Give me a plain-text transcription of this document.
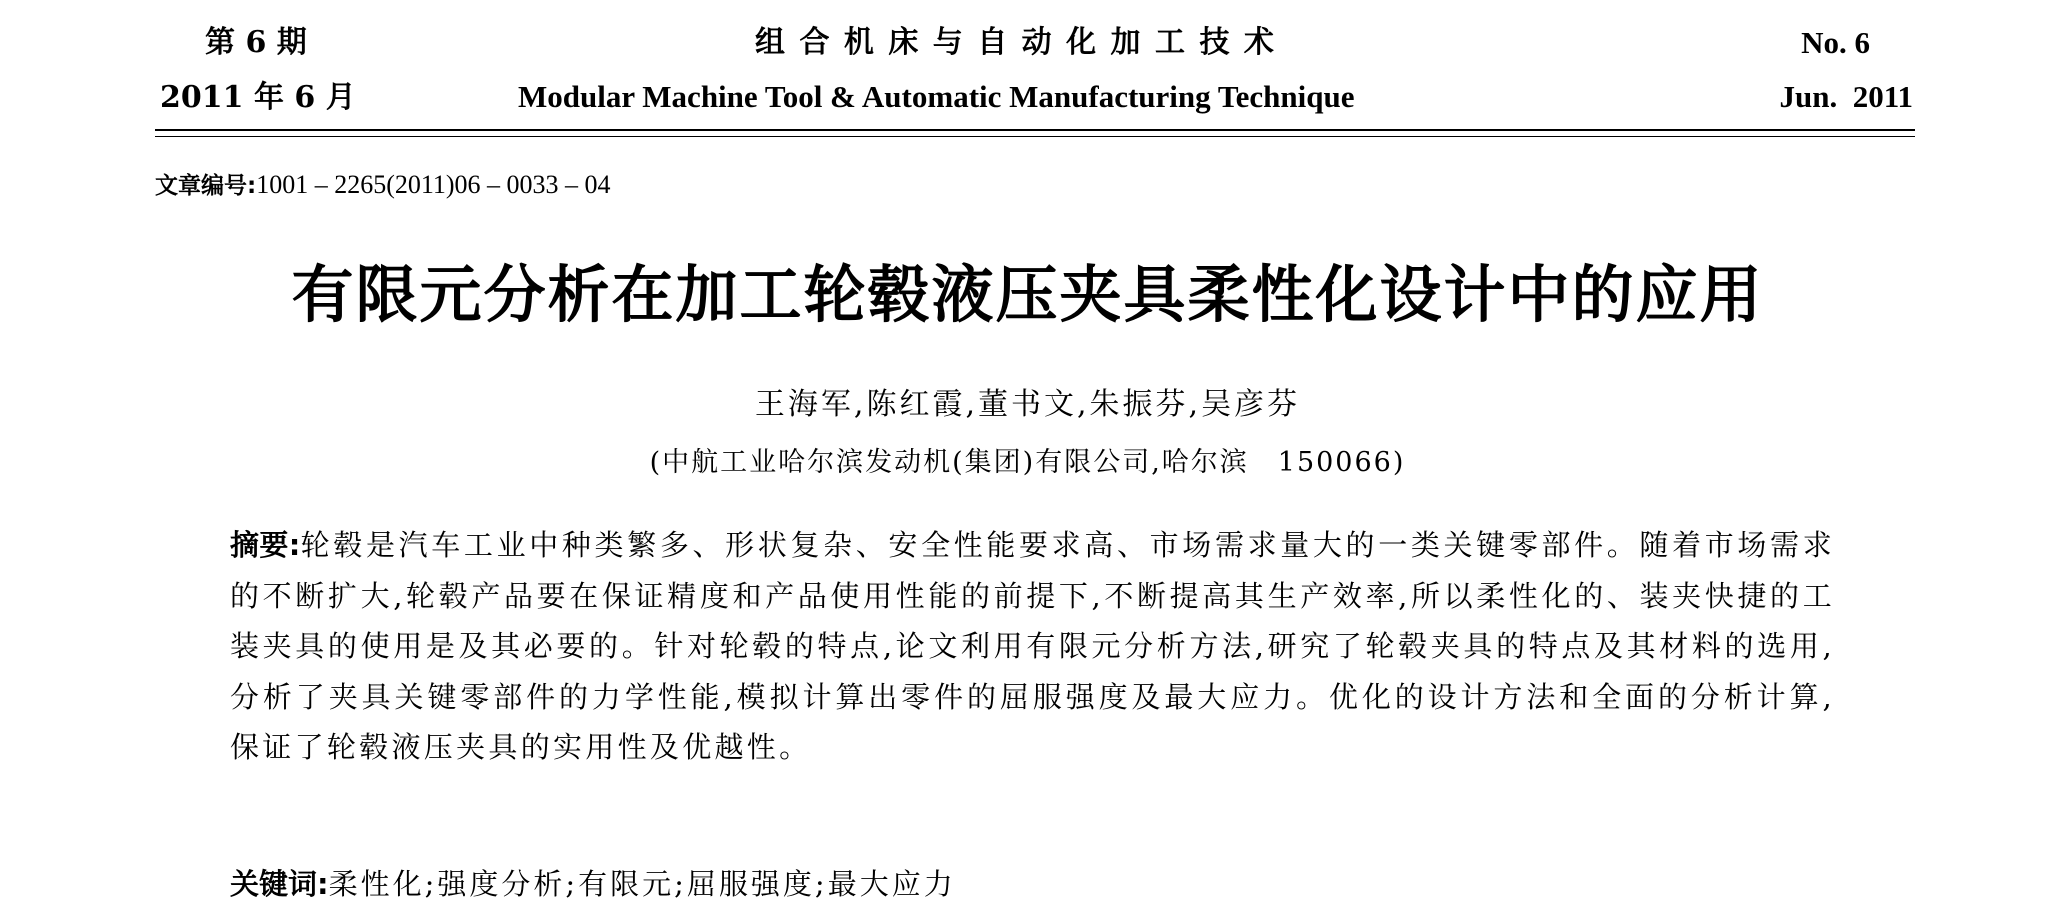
第 6 期
2011 年 6 月
组 合 机 床 与 自 动 化 加 工 技 术
Modular Machine Tool & Automatic Manufacturing Technique
No. 6
Jun.  2011
文章编号:1001 – 2265(2011)06 – 0033 – 04
有限元分析在加工轮毂液压夹具柔性化设计中的应用
王海军,陈红霞,董书文,朱振芬,吴彦芬
(中航工业哈尔滨发动机(集团)有限公司,哈尔滨　150066)
摘要:轮毂是汽车工业中种类繁多、形状复杂、安全性能要求高、市场需求量大的一类关键零部件。随着市场需求的不断扩大,轮毂产品要在保证精度和产品使用性能的前提下,不断提高其生产效率,所以柔性化的、装夹快捷的工装夹具的使用是及其必要的。针对轮毂的特点,论文利用有限元分析方法,研究了轮毂夹具的特点及其材料的选用,分析了夹具关键零部件的力学性能,模拟计算出零件的屈服强度及最大应力。优化的设计方法和全面的分析计算,保证了轮毂液压夹具的实用性及优越性。
关键词:柔性化;强度分析;有限元;屈服强度;最大应力
